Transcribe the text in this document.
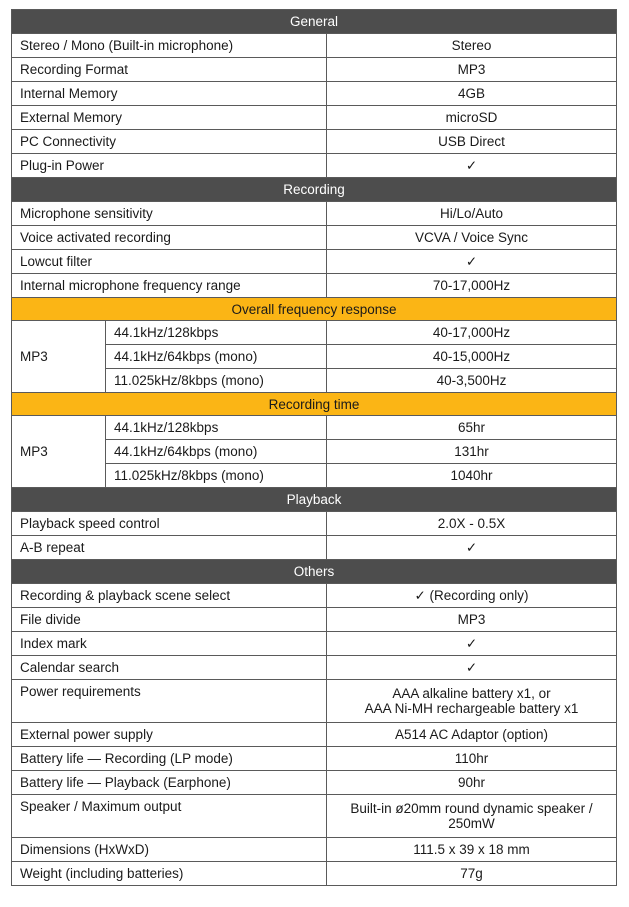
General		
Stereo / Mono (Built-in microphone)		Stereo
Recording Format		MP3
Internal Memory		4GB
External Memory		microSD
PC Connectivity		USB Direct
Plug-in Power		✓
Recording		
Microphone sensitivity		Hi/Lo/Auto
Voice activated recording		VCVA / Voice Sync
Lowcut filter		✓
Internal microphone frequency range		70-17,000Hz
Overall frequency response		
MP3	44.1kHz/128kbps	40-17,000Hz
	44.1kHz/64kbps (mono)	40-15,000Hz
	11.025kHz/8kbps (mono)	40-3,500Hz
Recording time		
MP3	44.1kHz/128kbps	65hr
	44.1kHz/64kbps (mono)	131hr
	11.025kHz/8kbps (mono)	1040hr
Playback		
Playback speed control		2.0X - 0.5X
A-B repeat		✓
Others		
Recording & playback scene select		✓ (Recording only)
File divide		MP3
Index mark		✓
Calendar search		✓
Power requirements		AAA alkaline battery x1, or
AAA Ni-MH rechargeable battery x1

External power supply		A514 AC Adaptor (option)
Battery life — Recording (LP mode)		110hr
Battery life — Playback (Earphone)		90hr
Speaker / Maximum output		Built-in ø20mm round dynamic speaker /
250mW

Dimensions (HxWxD)		111.5 x 39 x 18 mm
Weight (including batteries)		77g
